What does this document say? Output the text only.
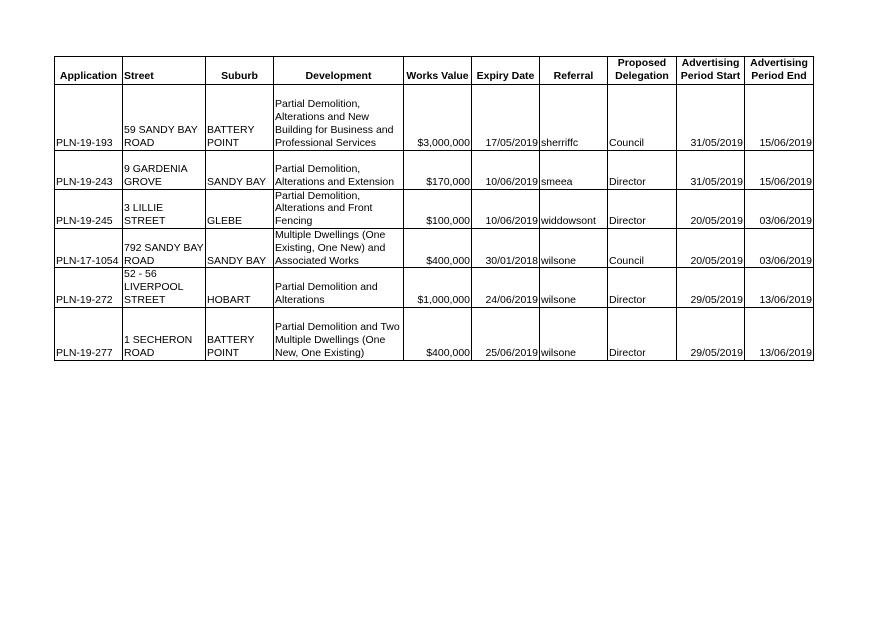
Application	Street	Suburb	Development	Works Value	Expiry Date	Referral	Proposed Delegation	Advertising Period Start	Advertising Period End
PLN-19-193	59 SANDY BAY ROAD	BATTERY POINT	Partial Demolition, Alterations and New Building for Business and Professional Services	$3,000,000	17/05/2019	sherriffc	Council	31/05/2019	15/06/2019
PLN-19-243	9 GARDENIA GROVE	SANDY BAY	Partial Demolition, Alterations and Extension	$170,000	10/06/2019	smeea	Director	31/05/2019	15/06/2019
PLN-19-245	3 LILLIE STREET	GLEBE	Partial Demolition, Alterations and Front Fencing	$100,000	10/06/2019	widdowsont	Director	20/05/2019	03/06/2019
PLN-17-1054	792 SANDY BAY ROAD	SANDY BAY	Multiple Dwellings (One Existing, One New) and Associated Works	$400,000	30/01/2018	wilsone	Council	20/05/2019	03/06/2019
PLN-19-272	52 - 56 LIVERPOOL STREET	HOBART	Partial Demolition and Alterations	$1,000,000	24/06/2019	wilsone	Director	29/05/2019	13/06/2019
PLN-19-277	1 SECHERON ROAD	BATTERY POINT	Partial Demolition and Two Multiple Dwellings (One New, One Existing)	$400,000	25/06/2019	wilsone	Director	29/05/2019	13/06/2019
